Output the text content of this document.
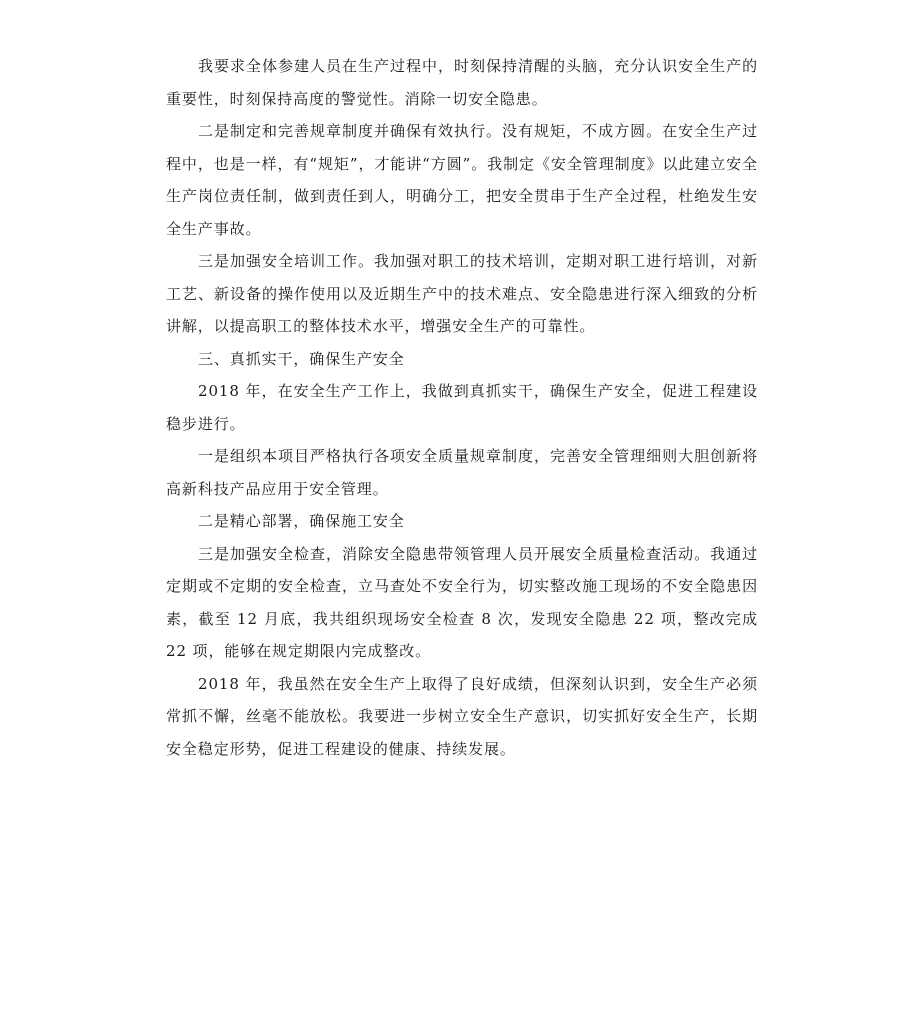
我要求全体参建人员在生产过程中，时刻保持清醒的头脑，充分认识安全生产的重要性，时刻保持高度的警觉性。消除一切安全隐患。

二是制定和完善规章制度并确保有效执行。没有规矩，不成方圆。在安全生产过程中，也是一样，有“规矩”，才能讲“方圆”。我制定《安全管理制度》以此建立安全生产岗位责任制，做到责任到人，明确分工，把安全贯串于生产全过程，杜绝发生安全生产事故。

三是加强安全培训工作。我加强对职工的技术培训，定期对职工进行培训，对新工艺、新设备的操作使用以及近期生产中的技术难点、安全隐患进行深入细致的分析讲解，以提高职工的整体技术水平，增强安全生产的可靠性。

三、真抓实干，确保生产安全

2018 年，在安全生产工作上，我做到真抓实干，确保生产安全，促进工程建设稳步进行。

一是组织本项目严格执行各项安全质量规章制度，完善安全管理细则大胆创新将高新科技产品应用于安全管理。

二是精心部署，确保施工安全

三是加强安全检查，消除安全隐患带领管理人员开展安全质量检查活动。我通过定期或不定期的安全检查，立马查处不安全行为，切实整改施工现场的不安全隐患因素，截至 12 月底，我共组织现场安全检查 8 次，发现安全隐患 22 项，整改完成 22 项，能够在规定期限内完成整改。

2018 年，我虽然在安全生产上取得了良好成绩，但深刻认识到，安全生产必须常抓不懈，丝毫不能放松。我要进一步树立安全生产意识，切实抓好安全生产，长期安全稳定形势，促进工程建设的健康、持续发展。
